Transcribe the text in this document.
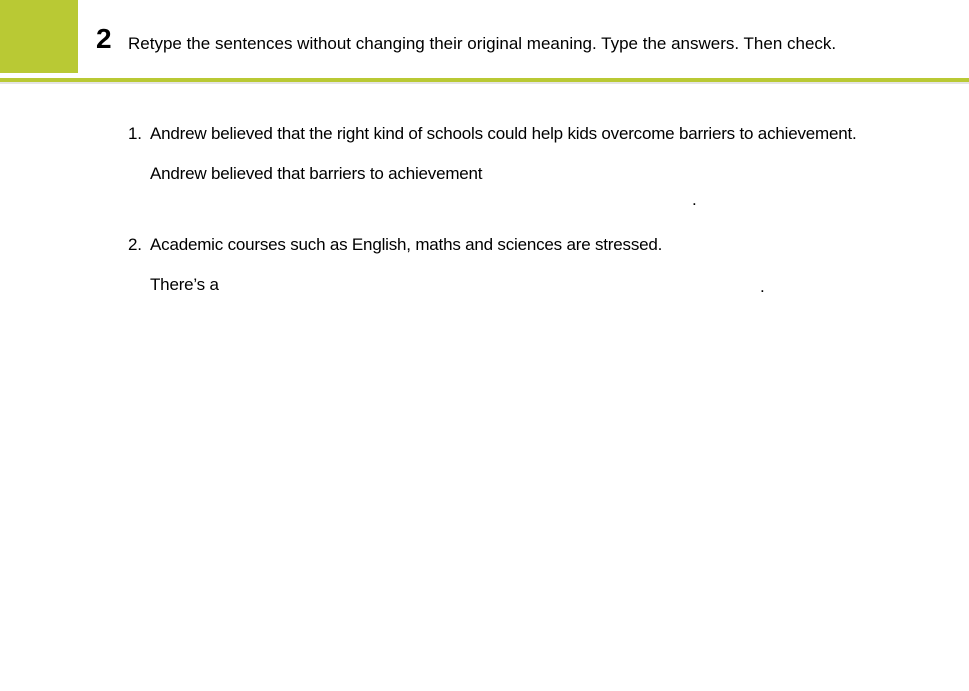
2 Retype the sentences without changing their original meaning. Type the answers. Then check.
1. Andrew believed that the right kind of schools could help kids overcome barriers to achievement.
Andrew believed that barriers to achievement
.
2. Academic courses such as English, maths and sciences are stressed.
There’s a	.
